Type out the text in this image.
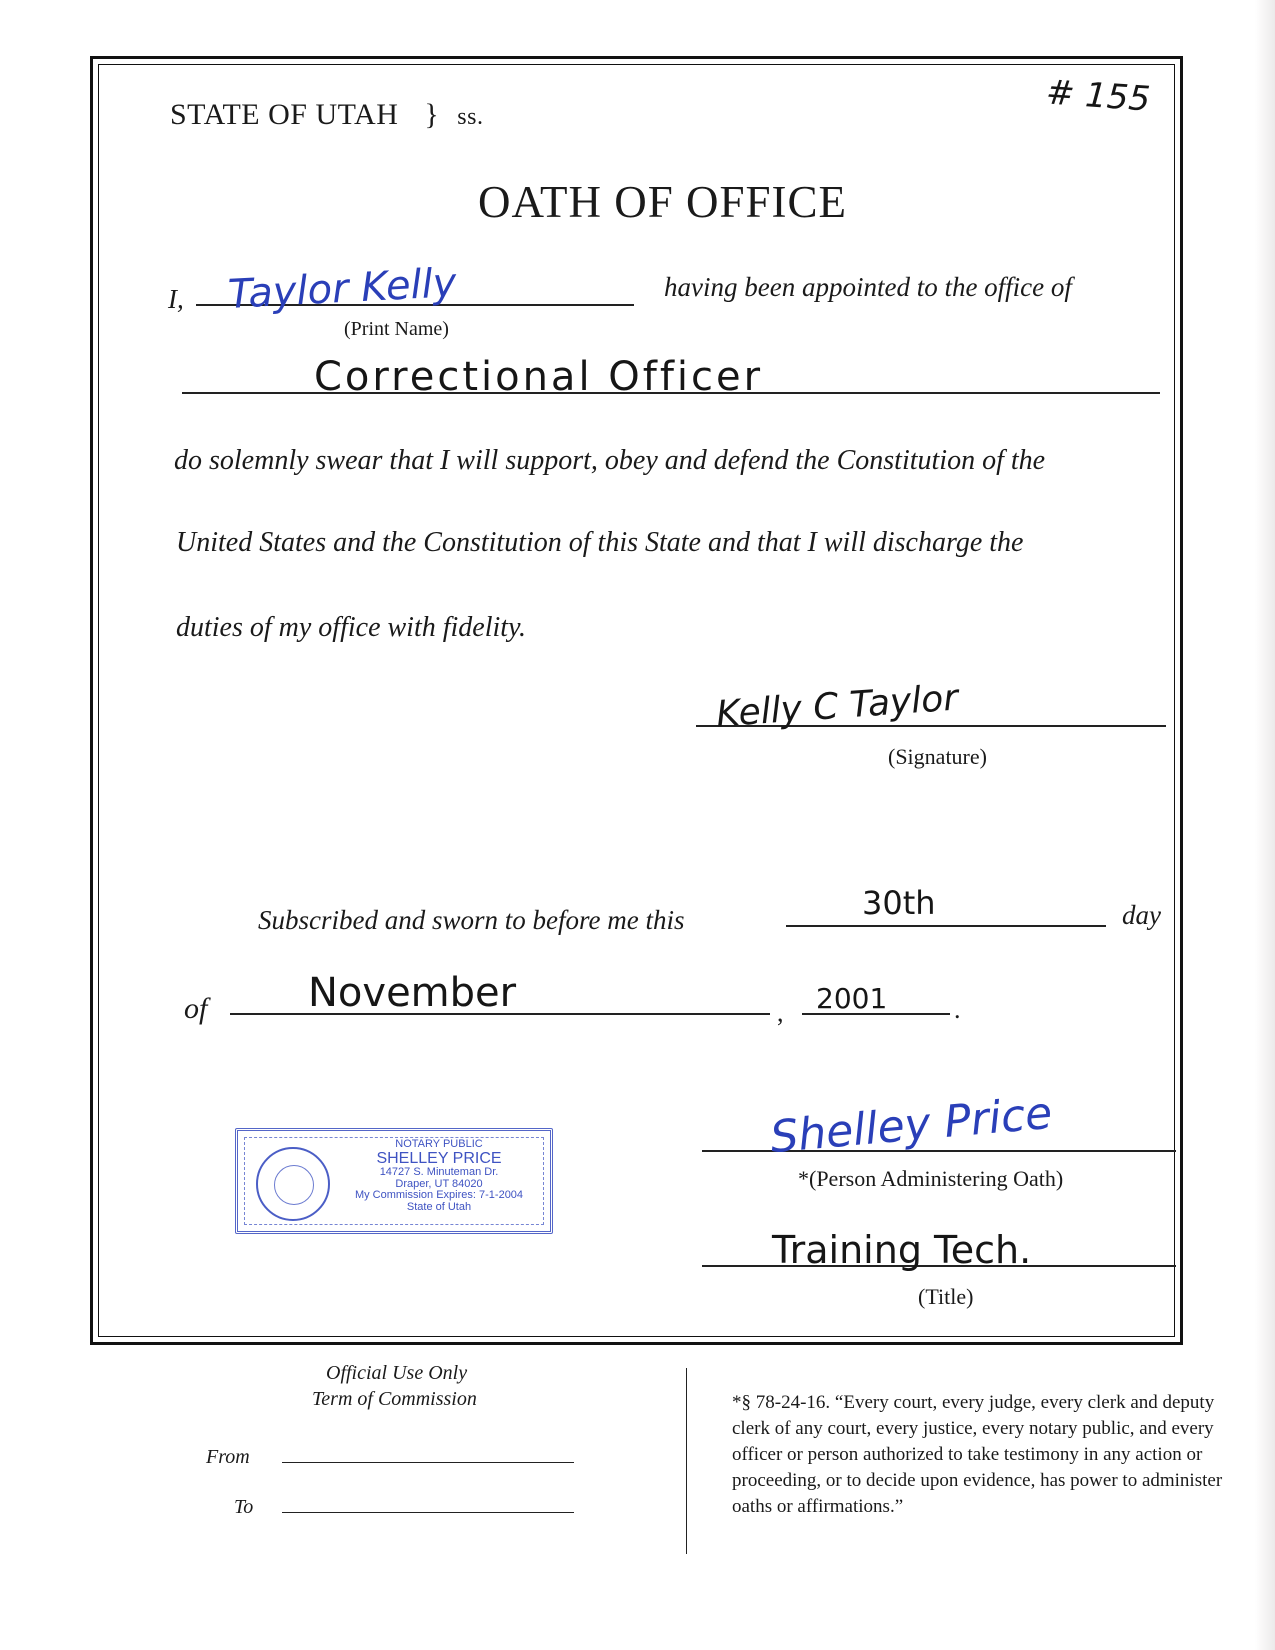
STATE OF UTAH } ss.	# 155
OATH OF OFFICE
I, Taylor Kelly
(Print Name)
having been appointed to the office of
Correctional Officer
do solemnly swear that I will support, obey and defend the Constitution of the
United States and the Constitution of this State and that I will discharge the
duties of my office with fidelity.
Kelly C Taylor
(Signature)
Subscribed and sworn to before me this	30th	day
of	November	, 2001	.
NOTARY PUBLIC
SHELLEY PRICE
14727 S. Minuteman Dr.
Draper, UT 84020
My Commission Expires: 7-1-2004
State of Utah
Shelley Price
*(Person Administering Oath)
Training Tech.
(Title)
Official Use Only
Term of Commission
From
To
*§ 78-24-16. “Every court, every judge, every clerk and deputy clerk of any court, every justice, every notary public, and every officer or person authorized to take testimony in any action or proceeding, or to decide upon evidence, has power to administer oaths or affirmations.”
